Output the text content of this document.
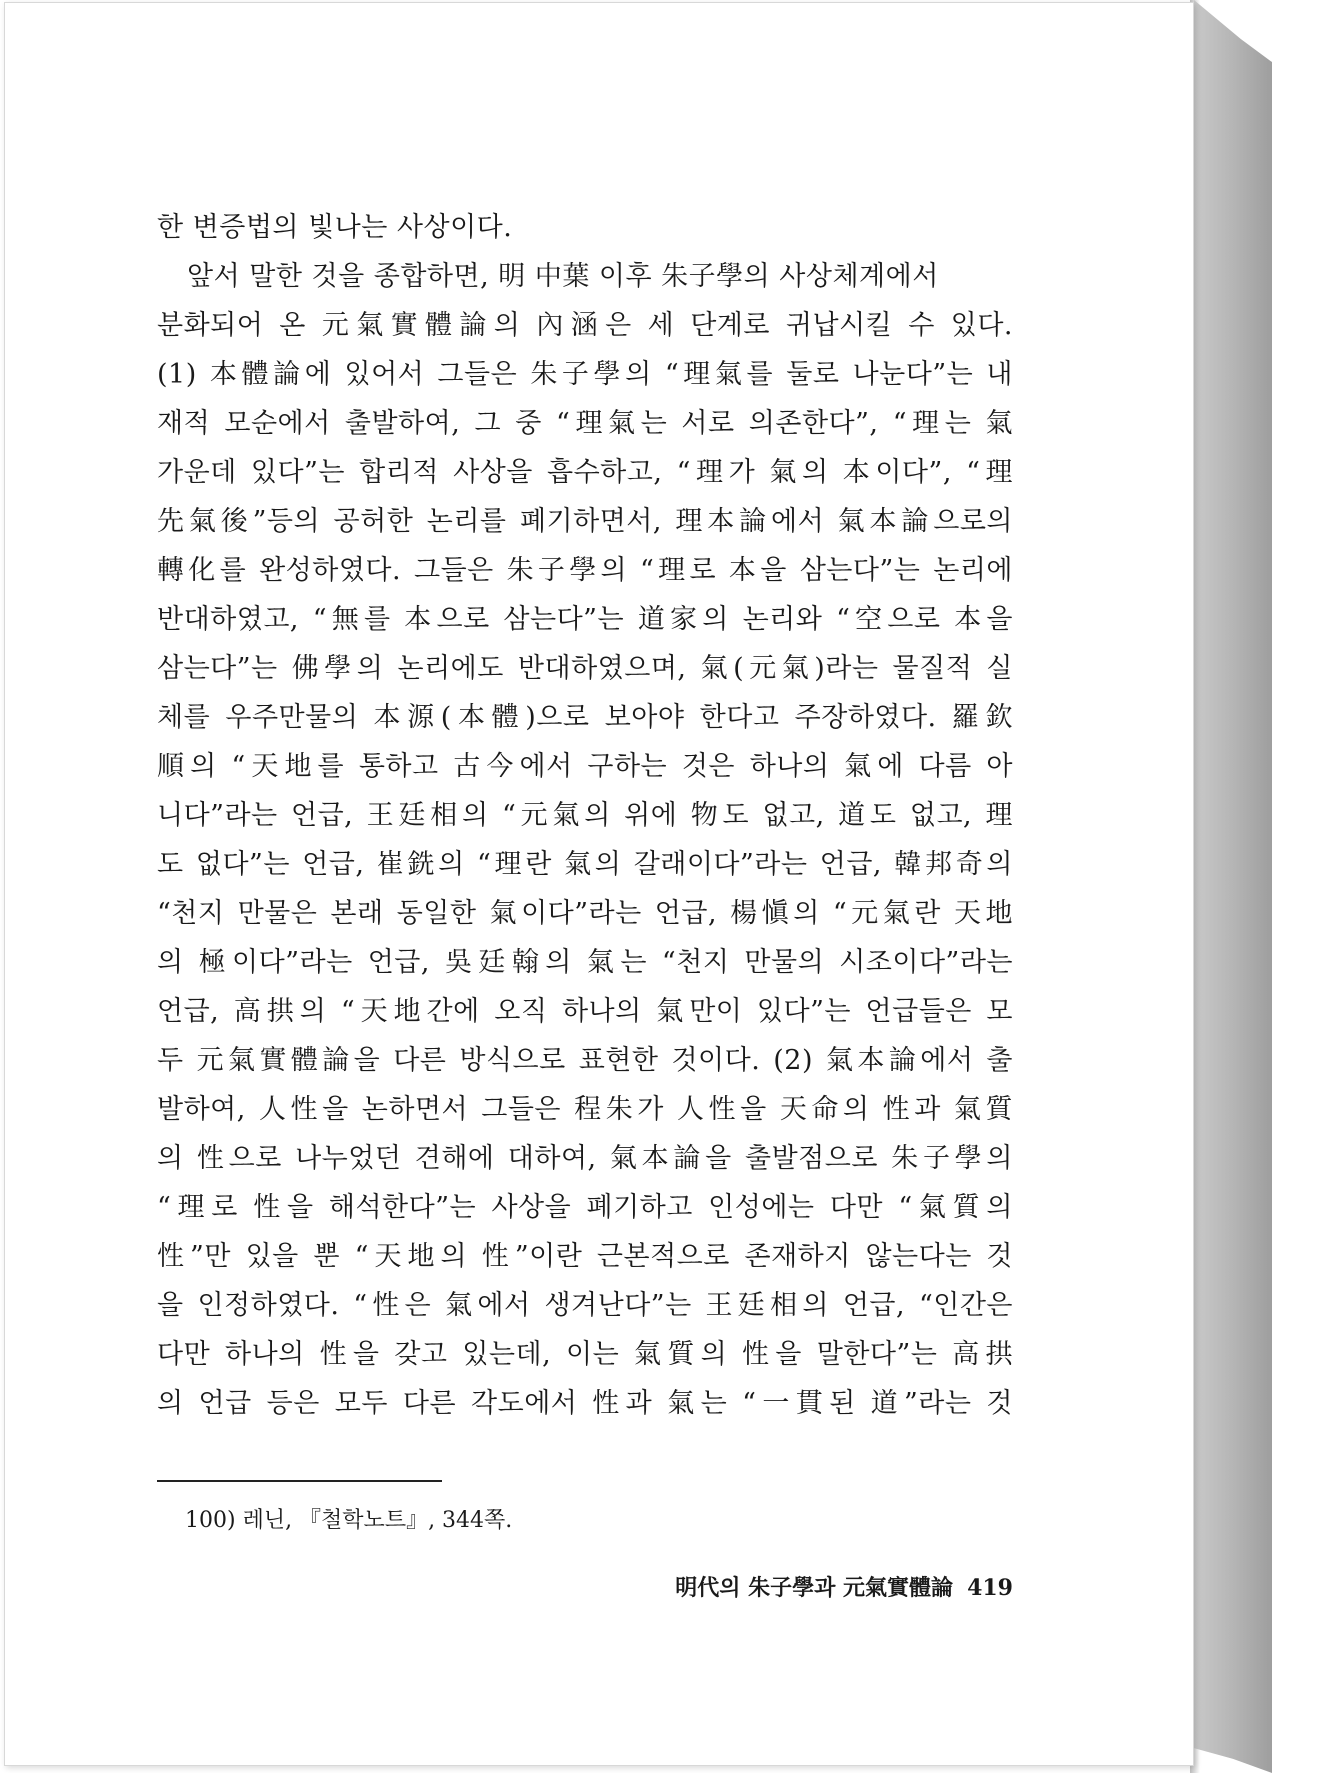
한 변증법의 빛나는 사상이다.
앞서 말한 것을 종합하면, 明 中葉 이후 朱子學의 사상체계에서
분화되어 온 元氣實體論의 內涵은 세 단계로 귀납시킬 수 있다.
(1) 本體論에 있어서 그들은 朱子學의 “理氣를 둘로 나눈다”는 내
재적 모순에서 출발하여, 그 중 “理氣는 서로 의존한다”, “理는 氣
가운데 있다”는 합리적 사상을 흡수하고, “理가 氣의 本이다”, “理
先氣後”등의 공허한 논리를 폐기하면서, 理本論에서 氣本論으로의
轉化를 완성하였다. 그들은 朱子學의 “理로 本을 삼는다”는 논리에
반대하였고, “無를 本으로 삼는다”는 道家의 논리와 “空으로 本을
삼는다”는 佛學의 논리에도 반대하였으며, 氣(元氣)라는 물질적 실
체를 우주만물의 本源(本體)으로 보아야 한다고 주장하였다. 羅欽
順의 “天地를 통하고 古今에서 구하는 것은 하나의 氣에 다름 아
니다”라는 언급, 王廷相의 “元氣의 위에 物도 없고, 道도 없고, 理
도 없다”는 언급, 崔銑의 “理란 氣의 갈래이다”라는 언급, 韓邦奇의
“천지 만물은 본래 동일한 氣이다”라는 언급, 楊愼의 “元氣란 天地
의 極이다”라는 언급, 吳廷翰의 氣는 “천지 만물의 시조이다”라는
언급, 高拱의 “天地간에 오직 하나의 氣만이 있다”는 언급들은 모
두 元氣實體論을 다른 방식으로 표현한 것이다. (2) 氣本論에서 출
발하여, 人性을 논하면서 그들은 程朱가 人性을 天命의 性과 氣質
의 性으로 나누었던 견해에 대하여, 氣本論을 출발점으로 朱子學의
“理로 性을 해석한다”는 사상을 폐기하고 인성에는 다만 “氣質의
性”만 있을 뿐 “天地의 性”이란 근본적으로 존재하지 않는다는 것
을 인정하였다. “性은 氣에서 생겨난다”는 王廷相의 언급, “인간은
다만 하나의 性을 갖고 있는데, 이는 氣質의 性을 말한다”는 高拱
의 언급 등은 모두 다른 각도에서 性과 氣는 “一貫된 道”라는 것
100) 레닌, 『철학노트』, 344쪽.
明代의 朱子學과 元氣實體論 419
